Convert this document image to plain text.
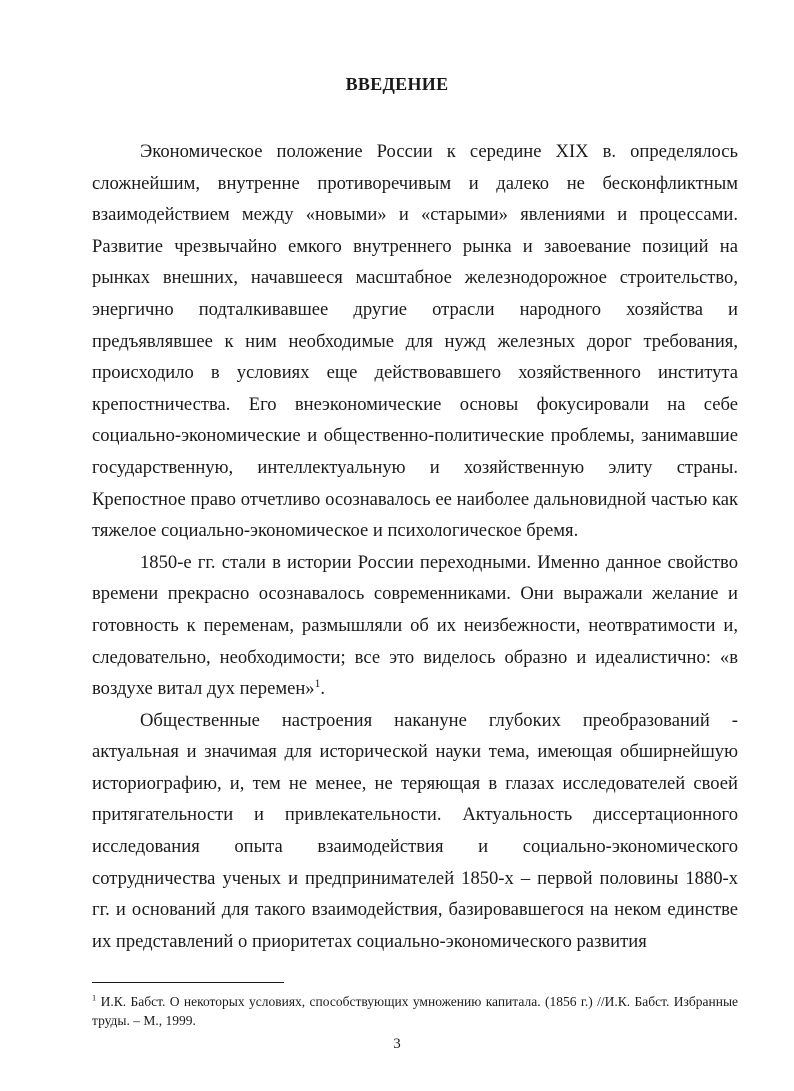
ВВЕДЕНИЕ

Экономическое положение России к середине XIX в. определялось сложнейшим, внутренне противоречивым и далеко не бесконфликтным взаимодействием между «новыми» и «старыми» явлениями и процессами. Развитие чрезвычайно емкого внутреннего рынка и завоевание позиций на рынках внешних, начавшееся масштабное железнодорожное строительство, энергично подталкивавшее другие отрасли народного хозяйства и предъявлявшее к ним необходимые для нужд железных дорог требования, происходило в условиях еще действовавшего хозяйственного института крепостничества. Его внеэкономические основы фокусировали на себе социально-экономические и общественно-политические проблемы, занимавшие государственную, интеллектуальную и хозяйственную элиту страны. Крепостное право отчетливо осознавалось ее наиболее дальновидной частью как тяжелое социально-экономическое и психологическое бремя.

1850-е гг. стали в истории России переходными. Именно данное свойство времени прекрасно осознавалось современниками. Они выражали желание и готовность к переменам, размышляли об их неизбежности, неотвратимости и, следовательно, необходимости; все это виделось образно и идеалистично: «в воздухе витал дух перемен»$^1$.

Общественные настроения накануне глубоких преобразований - актуальная и значимая для исторической науки тема, имеющая обширнейшую историографию, и, тем не менее, не теряющая в глазах исследователей своей притягательности и привлекательности. Актуальность диссертационного исследования опыта взаимодействия и социально-экономического сотрудничества ученых и предпринимателей 1850-х – первой половины 1880-х гг. и оснований для такого взаимодействия, базировавшегося на неком единстве их представлений о приоритетах социально-экономического развития

$^1$ И.К. Бабст. О некоторых условиях, способствующих умножению капитала. (1856 г.) //И.К. Бабст. Избранные труды. – М., 1999.
3
